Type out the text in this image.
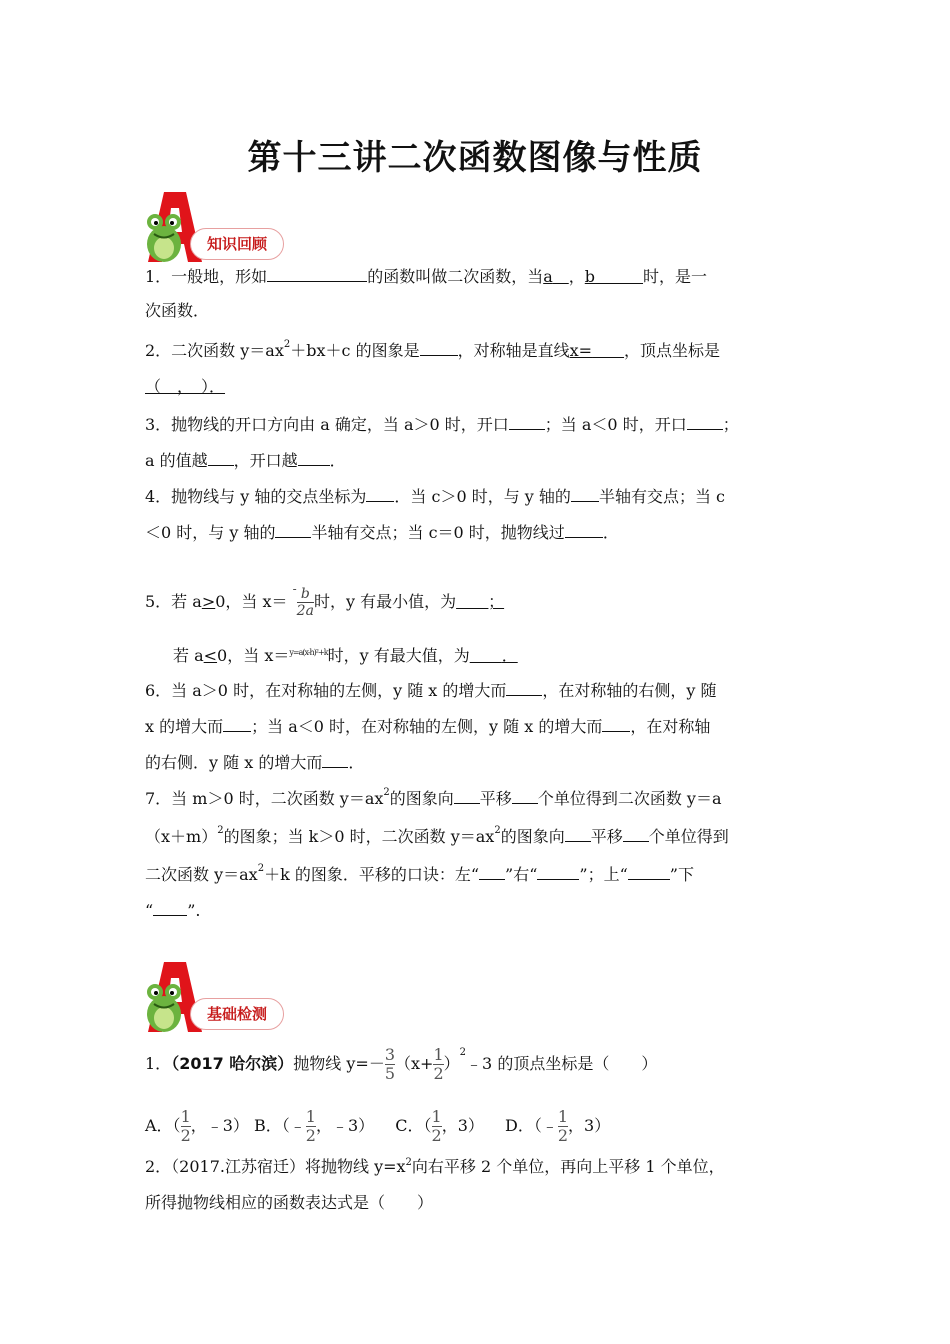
第十三讲二次函数图像与性质
知识回顾
1．一般地，形如	的函数叫做二次函数，当a  ，b   	时，是一
次函数．
2．二次函数 $y=ax^2+bx+c$ 的图象是 ，对称轴是直线x=   ，顶点坐标是
（　，　）．
3．抛物线的开口方向由 a 确定，当 a＞0 时，开口 ；当 a＜0 时，开口 ；
a 的值越 ，开口越 ．
4．抛物线与 y 轴的交点坐标为 ．当 c＞0 时，与 y 轴的 半轴有交点；当 c
＜0 时，与 y 轴的 半轴有交点；当 c＝0 时，抛物线过 ．
5．若 a>0，当 $x= ^- \frac{b}{2a}$ 时，y 有最小值，为   ；
若 a<0，当 x＝y=a(x-h)²+k时，y 有最大值，为   ．
6．当 a＞0 时，在对称轴的左侧，y 随 x 的增大而 ，在对称轴的右侧，y 随
x 的增大而 ；当 a＜0 时，在对称轴的左侧，y 随 x 的增大而 ，在对称轴
的右侧．y 随 x 的增大而 ．
7．当 m＞0 时，二次函数 $y=ax^2$的图象向 平移 个单位得到二次函数 y＝a
$(x+m)^2$的图象；当 k＞0 时，二次函数 $y=ax^2$的图象向 平移 个单位得到
二次函数 $y=ax^2+k$ 的图象．平移的口诀：左“ ”右“	”；上“	”下
“ ”.
基础检测
1．（2017 哈尔滨）抛物线 $y=- \frac{3}{5} (x+ \frac{1}{2}$ ）$^2﹣3$ 的顶点坐标是（　　）
A．（ $\frac{1}{2}$ ，﹣3） B．（﹣ $\frac{1}{2}$ ，﹣3）  C．（ $\frac{1}{2}$ ，3）  D．（﹣ $\frac{1}{2}$ ，3）
2．（2017.江苏宿迁）将抛物线 $y=x^2$向右平移 2 个单位，再向上平移 1 个单位，
所得抛物线相应的函数表达式是（　　）
